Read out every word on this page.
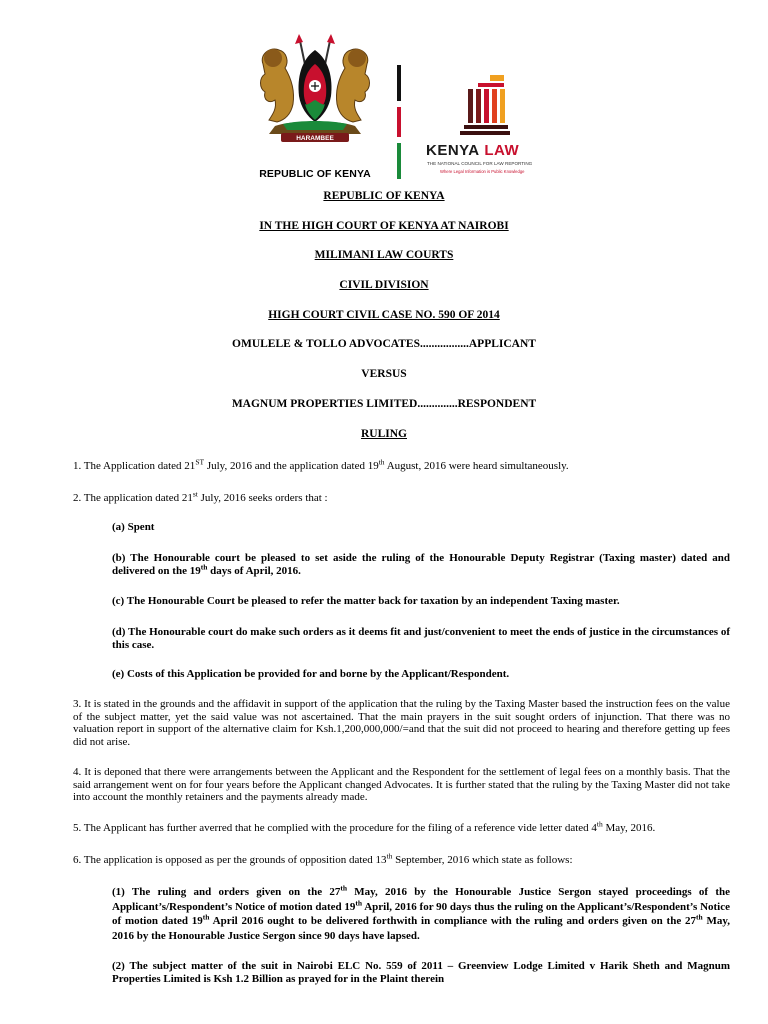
HARAMBEE
REPUBLIC OF KENYA
KENYA LAW
THE NATIONAL COUNCIL FOR LAW REPORTING
Where Legal Information is Public Knowledge
REPUBLIC OF KENYA
IN THE HIGH COURT OF KENYA AT NAIROBI
MILIMANI LAW COURTS
CIVIL DIVISION
HIGH COURT CIVIL CASE NO. 590 OF 2014
OMULELE & TOLLO ADVOCATES.................APPLICANT
VERSUS
MAGNUM PROPERTIES LIMITED..............RESPONDENT
RULING
1. The Application dated 21ST July, 2016 and the application dated 19th August, 2016 were heard simultaneously.
2. The application dated 21st July, 2016 seeks orders that :
(a) Spent
(b) The Honourable court be pleased to set aside the ruling of the Honourable Deputy Registrar (Taxing master) dated and delivered on the 19th days of April, 2016.
(c) The Honourable Court be pleased to refer the matter back for taxation by an independent Taxing master.
(d) The Honourable court do make such orders as it deems fit and just/convenient to meet the ends of justice in the circumstances of this case.
(e) Costs of this Application be provided for and borne by the Applicant/Respondent.
3. It is stated in the grounds and the affidavit in support of the application that the ruling by the Taxing Master based the instruction fees on the value of the subject matter, yet the said value was not ascertained. That the main prayers in the suit sought orders of injunction. That there was no valuation report in support of the alternative claim for Ksh.1,200,000,000/=and that the suit did not proceed to hearing and therefore getting up fees did not arise.
4. It is deponed that there were arrangements between the Applicant and the Respondent for the settlement of legal fees on a monthly basis. That the said arrangement went on for four years before the Applicant changed Advocates. It is further stated that the ruling by the Taxing Master did not take into account the monthly retainers and the payments already made.
5. The Applicant has further averred that he complied with the procedure for the filing of a reference vide letter dated 4th May, 2016.
6. The application is opposed as per the grounds of opposition dated 13th September, 2016 which state as follows:
(1) The ruling and orders given on the 27th May, 2016 by the Honourable Justice Sergon stayed proceedings of the Applicant’s/Respondent’s Notice of motion dated 19th April, 2016 for 90 days thus the ruling on the Applicant’s/Respondent’s Notice of motion dated 19th April 2016 ought to be delivered forthwith in compliance with the ruling and orders given on the 27th May, 2016 by the Honourable Justice Sergon since 90 days have lapsed.
(2) The subject matter of the suit in Nairobi ELC No. 559 of 2011 – Greenview Lodge Limited v Harik Sheth and Magnum Properties Limited is Ksh 1.2 Billion as prayed for in the Plaint therein
